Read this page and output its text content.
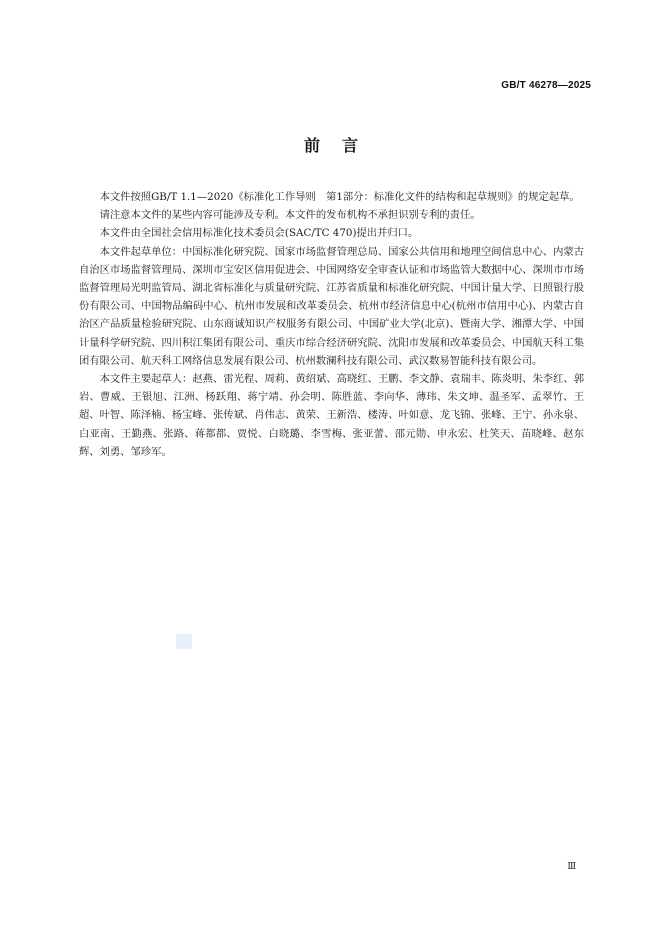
GB/T 46278—2025
前言

本文件按照GB/T 1.1—2020《标准化工作导则　第1部分：标准化文件的结构和起草规则》的规定起草。

请注意本文件的某些内容可能涉及专利。本文件的发布机构不承担识别专利的责任。

本文件由全国社会信用标准化技术委员会(SAC/TC 470)提出并归口。

本文件起草单位：中国标准化研究院、国家市场监督管理总局、国家公共信用和地理空间信息中心、内蒙古自治区市场监督管理局、深圳市宝安区信用促进会、中国网络安全审查认证和市场监管大数据中心、深圳市市场监督管理局光明监管局、湖北省标准化与质量研究院、江苏省质量和标准化研究院、中国计量大学、日照银行股份有限公司、中国物品编码中心、杭州市发展和改革委员会、杭州市经济信息中心(杭州市信用中心)、内蒙古自治区产品质量检验研究院、山东商诚知识产权服务有限公司、中国矿业大学(北京)、暨南大学、湘潭大学、中国计量科学研究院、四川积江集团有限公司、重庆市综合经济研究院、沈阳市发展和改革委员会、中国航天科工集团有限公司、航天科工网络信息发展有限公司、杭州数澜科技有限公司、武汉数易智能科技有限公司。

本文件主要起草人：赵燕、雷光程、周莉、黄绍斌、高晓红、王鹏、李文静、袁瑞丰、陈炎明、朱李红、郭岩、曹威、王银旭、江洲、杨跃翔、蒋宁靖、孙会明、陈胜蓝、李向华、薄玮、朱文坤、温圣军、孟翠竹、王超、叶智、陈泽楠、杨宝峰、张传斌、肖伟志、黄荣、王新浩、楼涛、叶如意、龙飞锦、张峰、王宁、孙永泉、白亚南、王勤燕、张路、蒋都都、贾悦、白晓璐、李雪梅、张亚蕾、邵元勋、申永宏、杜笑天、苗晓峰、赵东辉、刘勇、邹珍军。

Ⅲ
